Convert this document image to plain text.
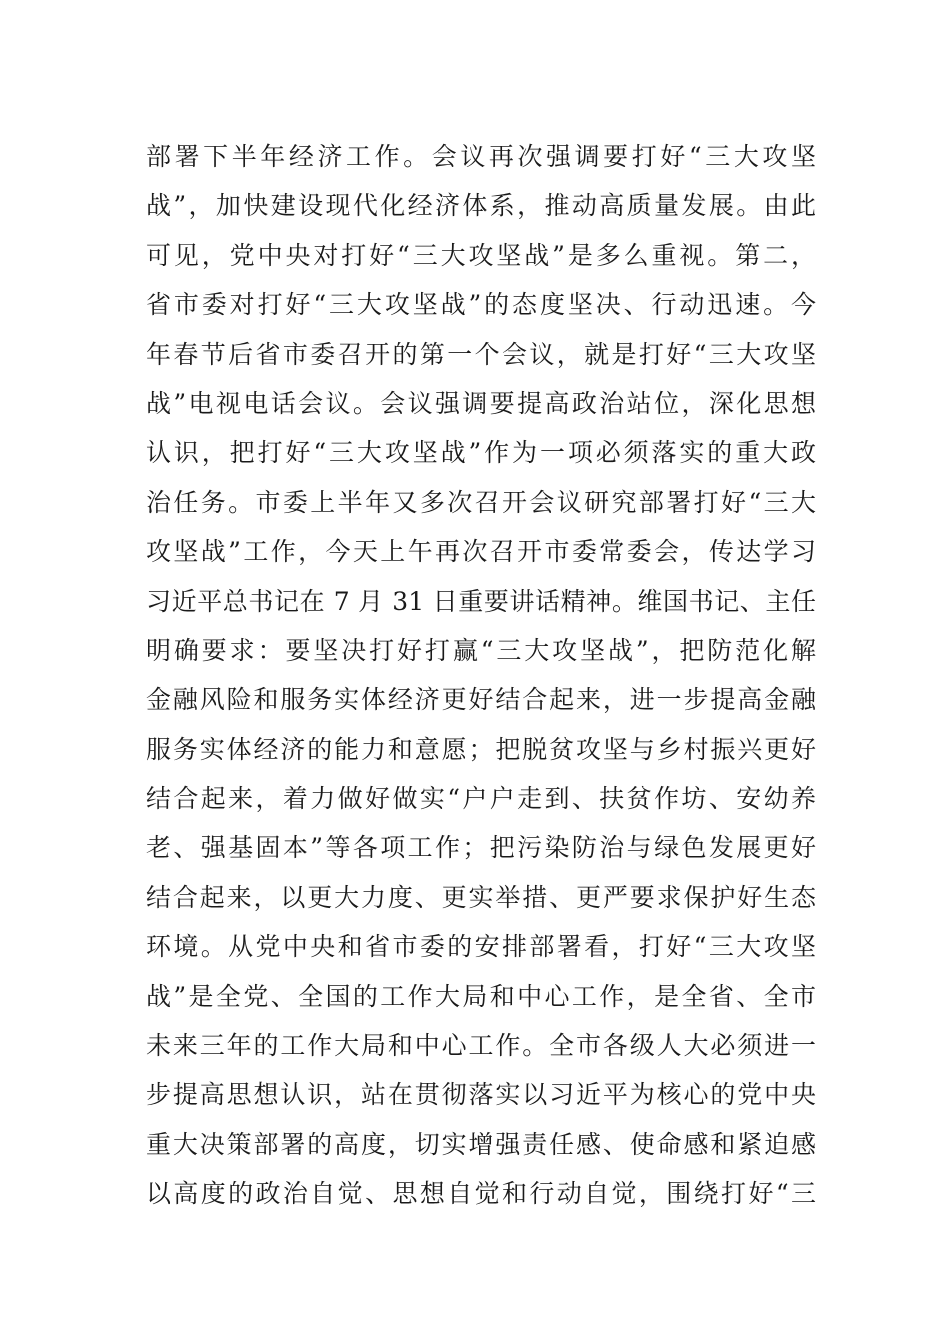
部署下半年经济工作。会议再次强调要打好“三大攻坚
战”，加快建设现代化经济体系，推动高质量发展。由此
可见，党中央对打好“三大攻坚战”是多么重视。第二，
省市委对打好“三大攻坚战”的态度坚决、行动迅速。今
年春节后省市委召开的第一个会议，就是打好“三大攻坚
战”电视电话会议。会议强调要提高政治站位，深化思想
认识，把打好“三大攻坚战”作为一项必须落实的重大政
治任务。市委上半年又多次召开会议研究部署打好“三大
攻坚战”工作，今天上午再次召开市委常委会，传达学习
习近平总书记在 7 月 31 日重要讲话精神。维国书记、主任
明确要求：要坚决打好打赢“三大攻坚战”，把防范化解
金融风险和服务实体经济更好结合起来，进一步提高金融
服务实体经济的能力和意愿；把脱贫攻坚与乡村振兴更好
结合起来，着力做好做实“户户走到、扶贫作坊、安幼养
老、强基固本”等各项工作；把污染防治与绿色发展更好
结合起来，以更大力度、更实举措、更严要求保护好生态
环境。从党中央和省市委的安排部署看，打好“三大攻坚
战”是全党、全国的工作大局和中心工作，是全省、全市
未来三年的工作大局和中心工作。全市各级人大必须进一
步提高思想认识，站在贯彻落实以习近平为核心的党中央
重大决策部署的高度，切实增强责任感、使命感和紧迫感
以高度的政治自觉、思想自觉和行动自觉，围绕打好“三
